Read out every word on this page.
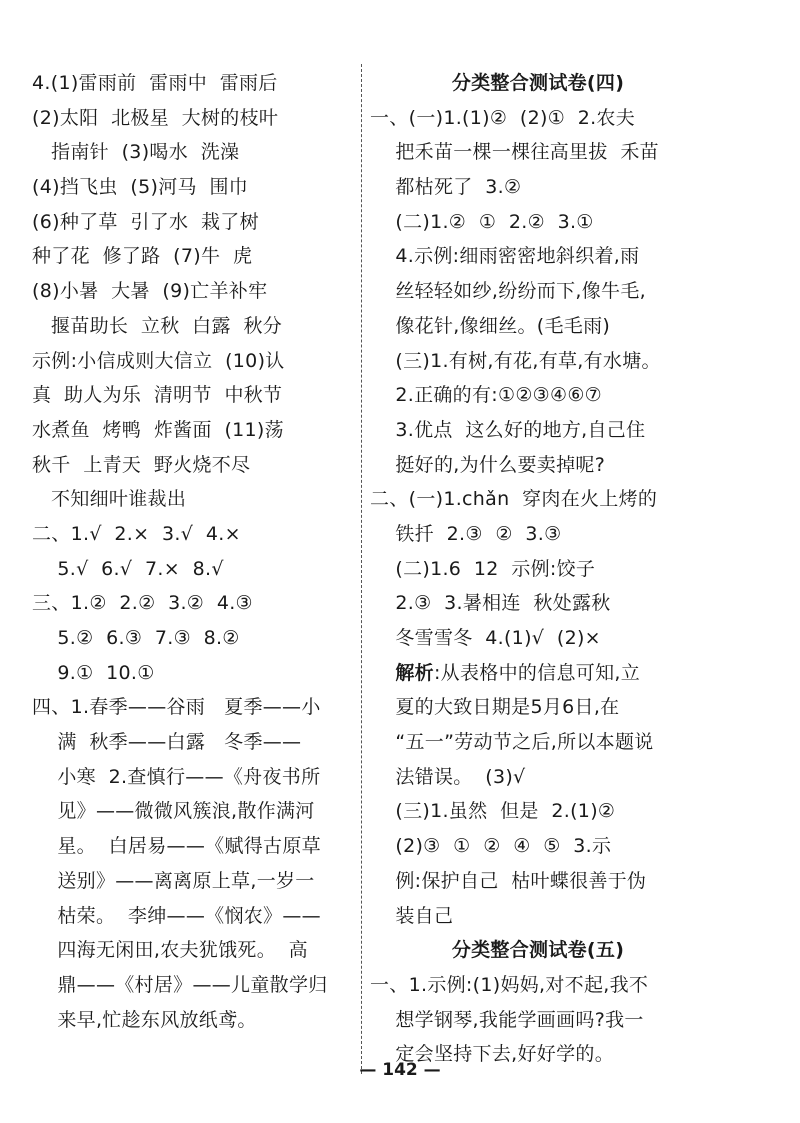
4.(1)雷雨前  雷雨中  雷雨后
(2)太阳  北极星  大树的枝叶
指南针  (3)喝水  洗澡
(4)挡飞虫  (5)河马  围巾
(6)种了草  引了水  栽了树
种了花  修了路  (7)牛  虎
(8)小暑  大暑  (9)亡羊补牢
揠苗助长  立秋  白露  秋分
示例:小信成则大信立  (10)认
真  助人为乐  清明节  中秋节
水煮鱼  烤鸭  炸酱面  (11)荡
秋千  上青天  野火烧不尽
不知细叶谁裁出
二、1.√  2.×  3.√  4.×
5.√  6.√  7.×  8.√
三、1.②  2.②  3.②  4.③
5.②  6.③  7.③  8.②
9.①  10.①
四、1.春季——谷雨   夏季——小
满  秋季——白露   冬季——
小寒  2.查慎行——《舟夜书所
见》——微微风簇浪,散作满河
星。  白居易——《赋得古原草
送别》——离离原上草,一岁一
枯荣。  李绅——《悯农》——
四海无闲田,农夫犹饿死。  高
鼎——《村居》——儿童散学归
来早,忙趁东风放纸鸢。
分类整合测试卷(四)
一、(一)1.(1)②  (2)①  2.农夫
把禾苗一棵一棵往高里拔  禾苗
都枯死了  3.②
(二)1.②  ①  2.②  3.①
4.示例:细雨密密地斜织着,雨
丝轻轻如纱,纷纷而下,像牛毛,
像花针,像细丝。(毛毛雨)
(三)1.有树,有花,有草,有水塘。
2.正确的有:①②③④⑥⑦
3.优点  这么好的地方,自己住
挺好的,为什么要卖掉呢?
二、(一)1.chǎn  穿肉在火上烤的
铁扦  2.③  ②  3.③
(二)1.6  12  示例:饺子
2.③  3.暑相连  秋处露秋
冬雪雪冬  4.(1)√  (2)×
解析:从表格中的信息可知,立
夏的大致日期是5月6日,在
“五一”劳动节之后,所以本题说
法错误。  (3)√
(三)1.虽然  但是  2.(1)②
(2)③  ①  ②  ④  ⑤  3.示
例:保护自己  枯叶蝶很善于伪
装自己
分类整合测试卷(五)
一、1.示例:(1)妈妈,对不起,我不
想学钢琴,我能学画画吗?我一
定会坚持下去,好好学的。
— 142 —
